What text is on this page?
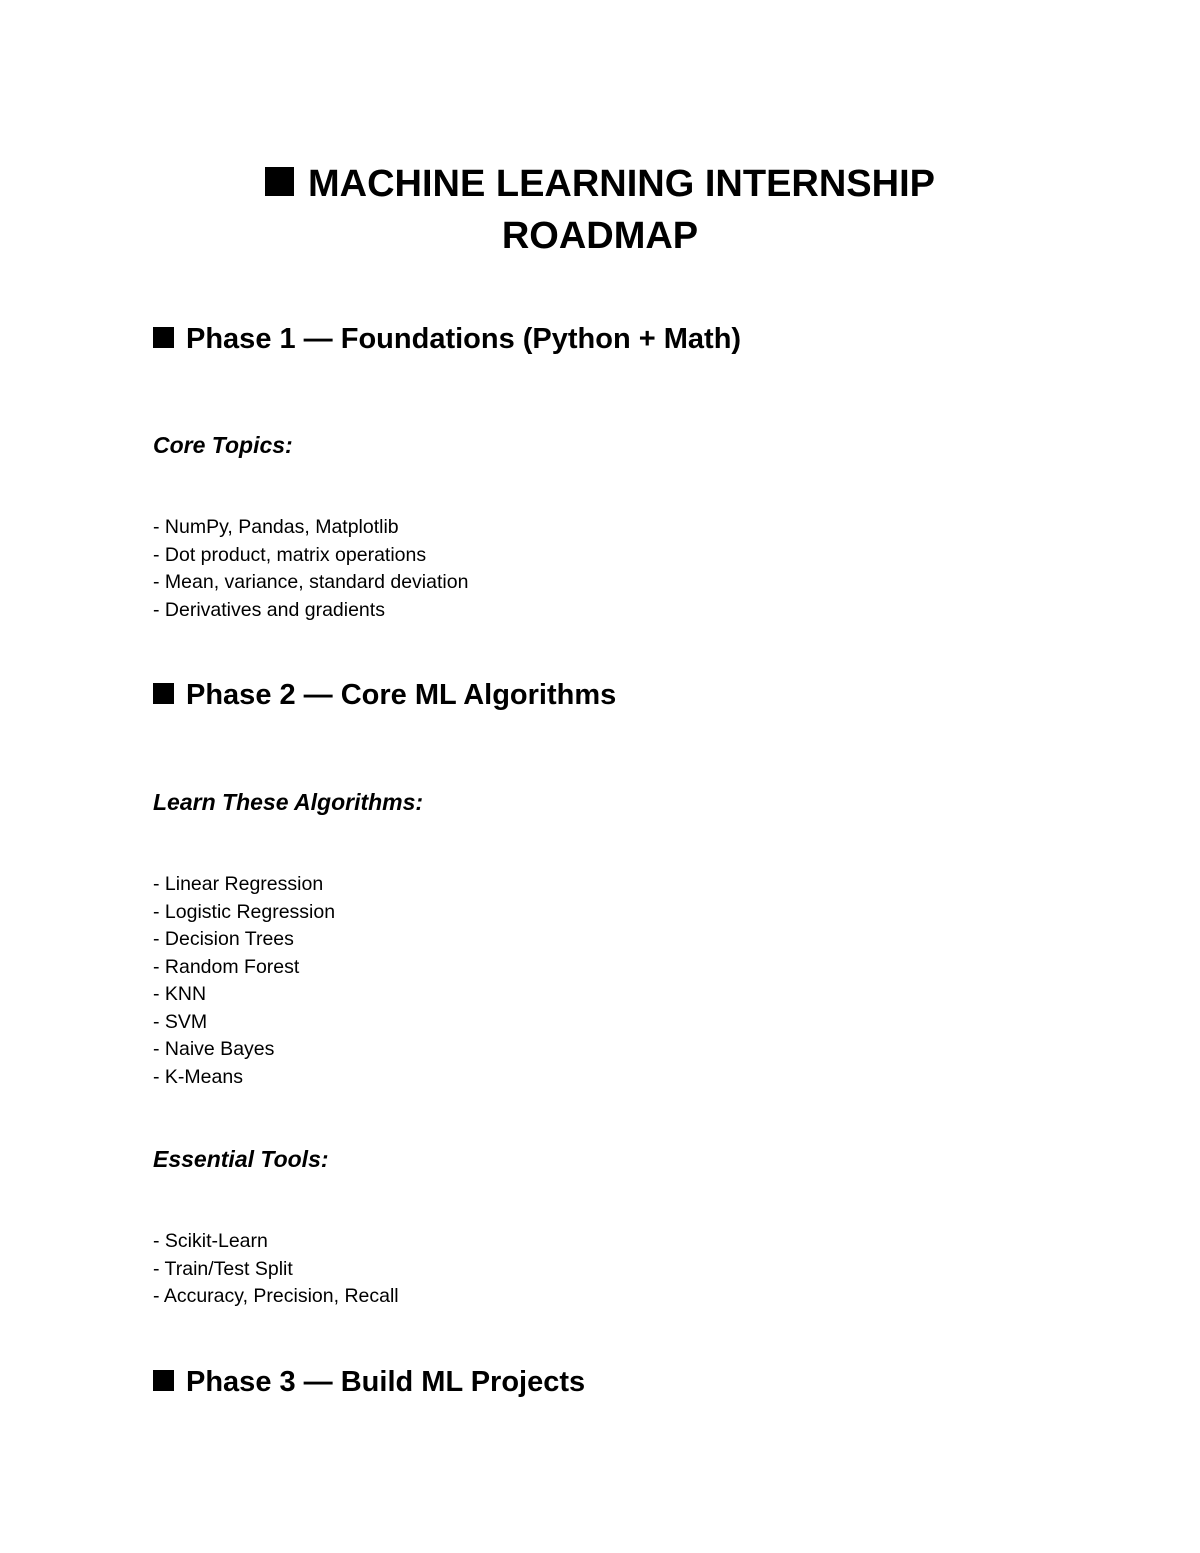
MACHINE LEARNING INTERNSHIP
ROADMAP
Phase 1 — Foundations (Python + Math)
Core Topics:
- NumPy, Pandas, Matplotlib
- Dot product, matrix operations
- Mean, variance, standard deviation
- Derivatives and gradients
Phase 2 — Core ML Algorithms
Learn These Algorithms:
- Linear Regression
- Logistic Regression
- Decision Trees
- Random Forest
- KNN
- SVM
- Naive Bayes
- K-Means
Essential Tools:
- Scikit-Learn
- Train/Test Split
- Accuracy, Precision, Recall
Phase 3 — Build ML Projects
